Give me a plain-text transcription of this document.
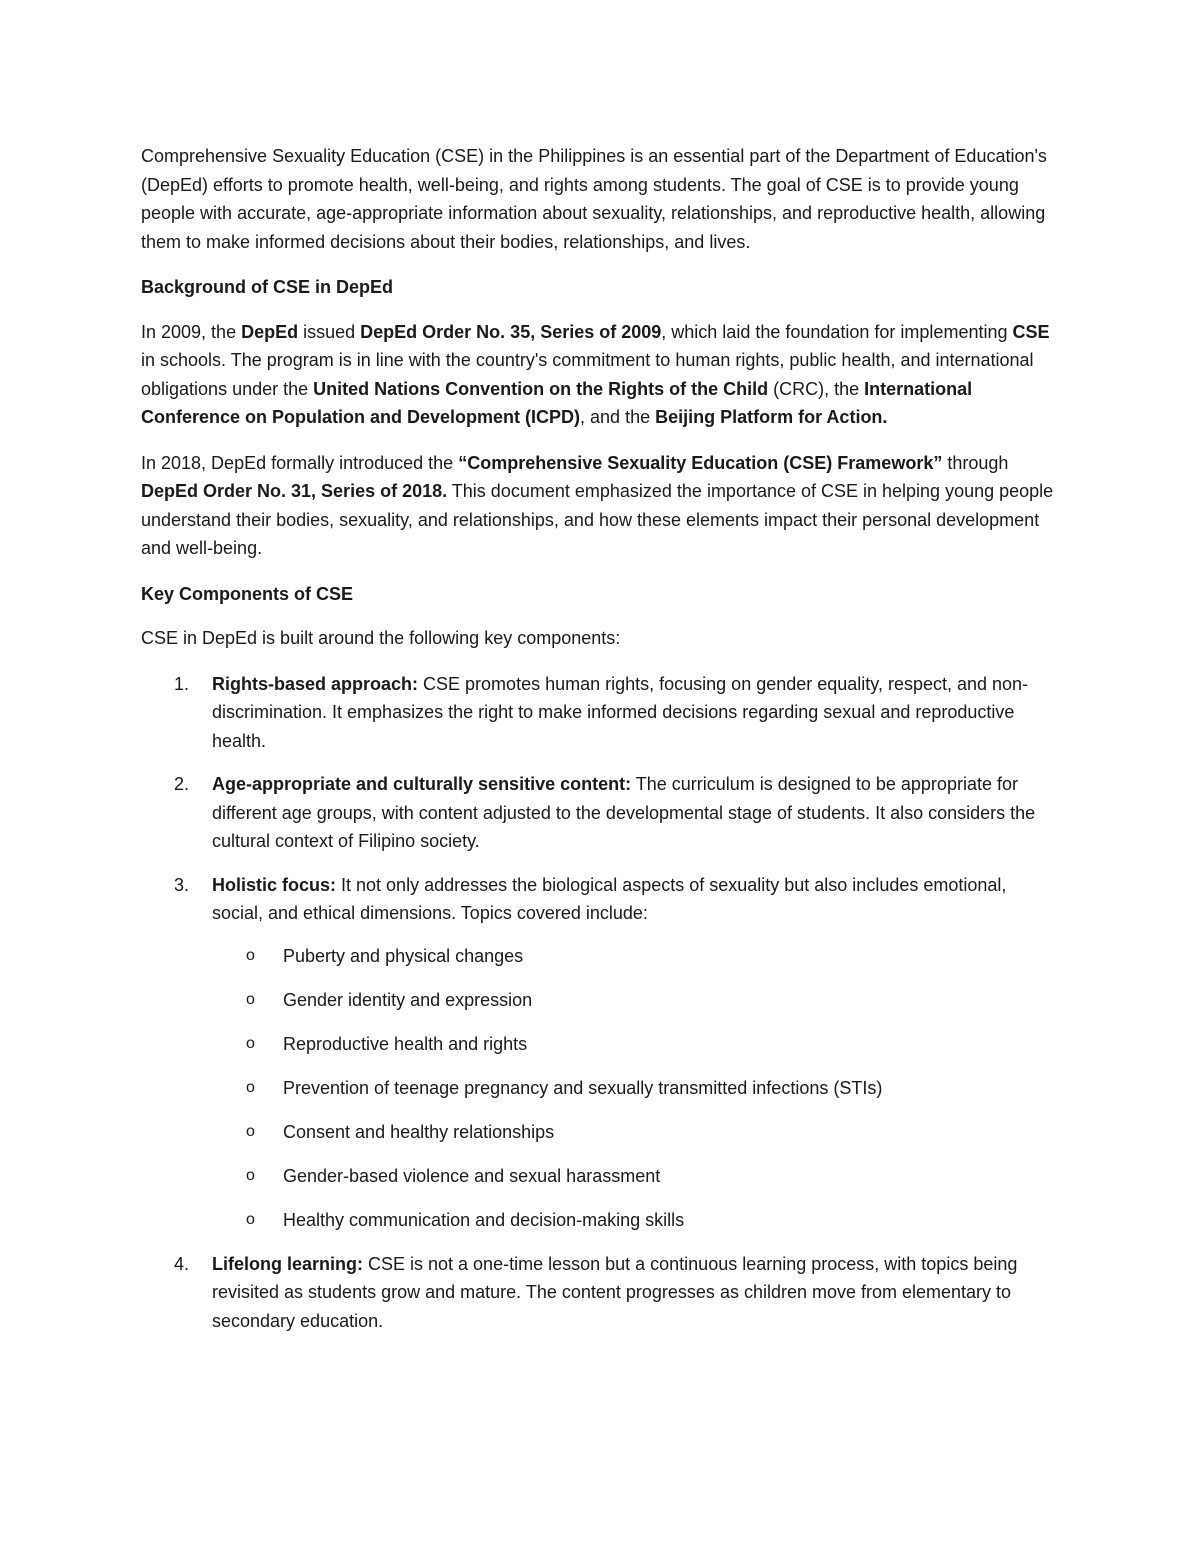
Comprehensive Sexuality Education (CSE) in the Philippines is an essential part of the Department of Education's (DepEd) efforts to promote health, well-being, and rights among students. The goal of CSE is to provide young people with accurate, age-appropriate information about sexuality, relationships, and reproductive health, allowing them to make informed decisions about their bodies, relationships, and lives.

Background of CSE in DepEd

In 2009, the DepEd issued DepEd Order No. 35, Series of 2009, which laid the foundation for implementing CSE in schools. The program is in line with the country's commitment to human rights, public health, and international obligations under the United Nations Convention on the Rights of the Child (CRC), the International Conference on Population and Development (ICPD), and the Beijing Platform for Action.

In 2018, DepEd formally introduced the “Comprehensive Sexuality Education (CSE) Framework” through DepEd Order No. 31, Series of 2018. This document emphasized the importance of CSE in helping young people understand their bodies, sexuality, and relationships, and how these elements impact their personal development and well-being.

Key Components of CSE

CSE in DepEd is built around the following key components:

1. Rights-based approach: CSE promotes human rights, focusing on gender equality, respect, and non-discrimination. It emphasizes the right to make informed decisions regarding sexual and reproductive health.
2. Age-appropriate and culturally sensitive content: The curriculum is designed to be appropriate for different age groups, with content adjusted to the developmental stage of students. It also considers the cultural context of Filipino society.
3. Holistic focus: It not only addresses the biological aspects of sexuality but also includes emotional, social, and ethical dimensions. Topics covered include:
o Puberty and physical changes
o Gender identity and expression
o Reproductive health and rights
o Prevention of teenage pregnancy and sexually transmitted infections (STIs)
o Consent and healthy relationships
o Gender-based violence and sexual harassment
o Healthy communication and decision-making skills
4. Lifelong learning: CSE is not a one-time lesson but a continuous learning process, with topics being revisited as students grow and mature. The content progresses as children move from elementary to secondary education.
